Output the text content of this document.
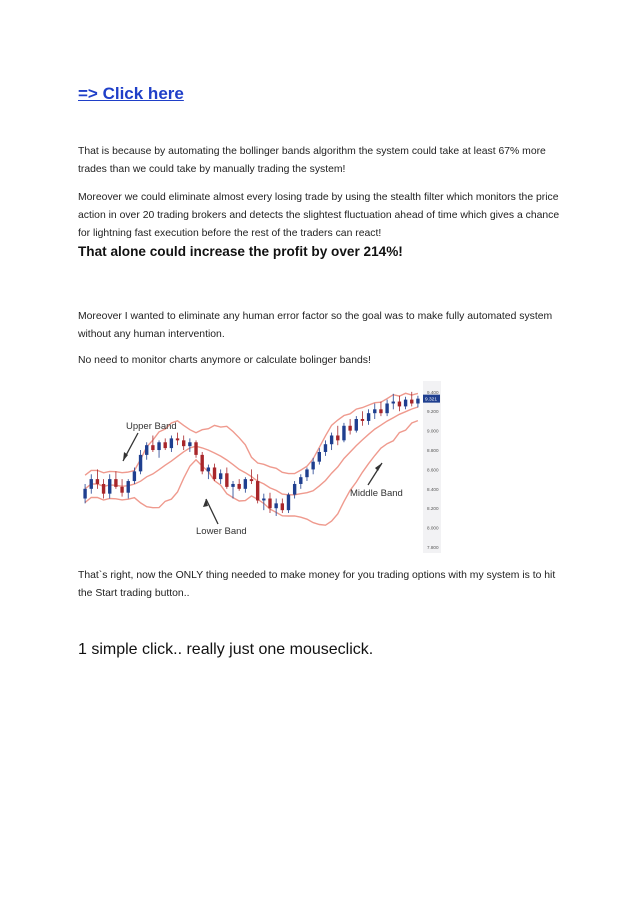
=> Click here
That is because by automating the bollinger bands algorithm the system could take at least 67% more trades than we could take by manually trading the system!
Moreover we could eliminate almost every losing trade by using the stealth filter which monitors the price action in over 20 trading brokers and detects the slightest fluctuation ahead of time which gives a chance for lightning fast execution before the rest of the traders can react!
That alone could increase the profit by over 214%!
Moreover I wanted to eliminate any human error factor so the goal was to make fully automated system without any human intervention.
No need to monitor charts anymore or calculate bolinger bands!
9.400
9.200
9.000
8.800
8.600
8.400
8.200
8.000
7.800
9.321
Upper Band
Middle Band
Lower Band
That`s right, now the ONLY thing needed to make money for you trading options with my system is to hit the Start trading button..
1 simple click.. really just one mouseclick.
